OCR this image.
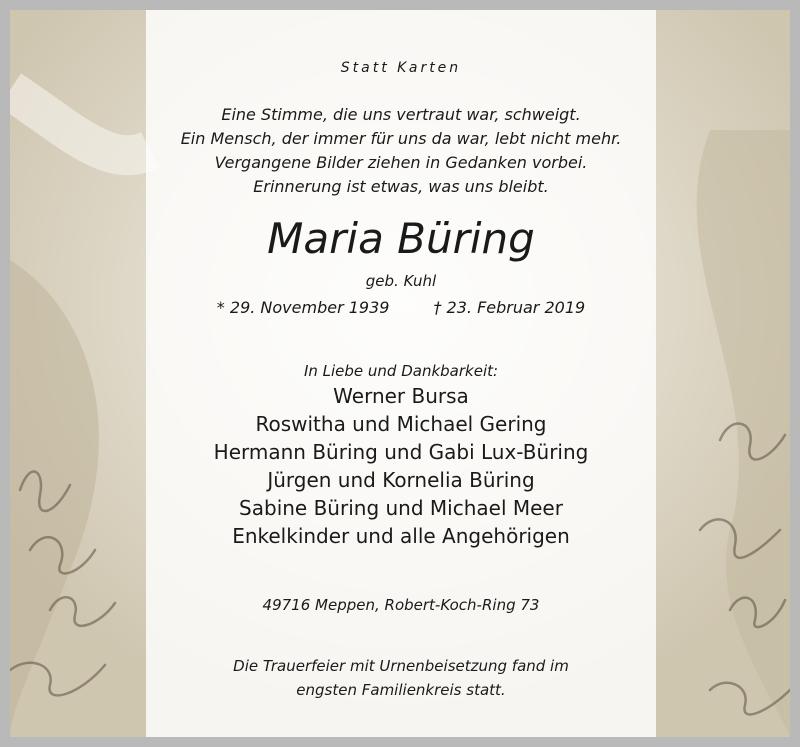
Statt Karten
Eine Stimme, die uns vertraut war, schweigt.
Ein Mensch, der immer für uns da war, lebt nicht mehr.
Vergangene Bilder ziehen in Gedanken vorbei.
Erinnerung ist etwas, was uns bleibt.
Maria Büring
geb. Kuhl
* 29. November 1939	† 23. Februar 2019
In Liebe und Dankbarkeit:
Werner Bursa
Roswitha und Michael Gering
Hermann Büring und Gabi Lux-Büring
Jürgen und Kornelia Büring
Sabine Büring und Michael Meer
Enkelkinder und alle Angehörigen
49716 Meppen, Robert-Koch-Ring 73
Die Trauerfeier mit Urnenbeisetzung fand im
engsten Familienkreis statt.
